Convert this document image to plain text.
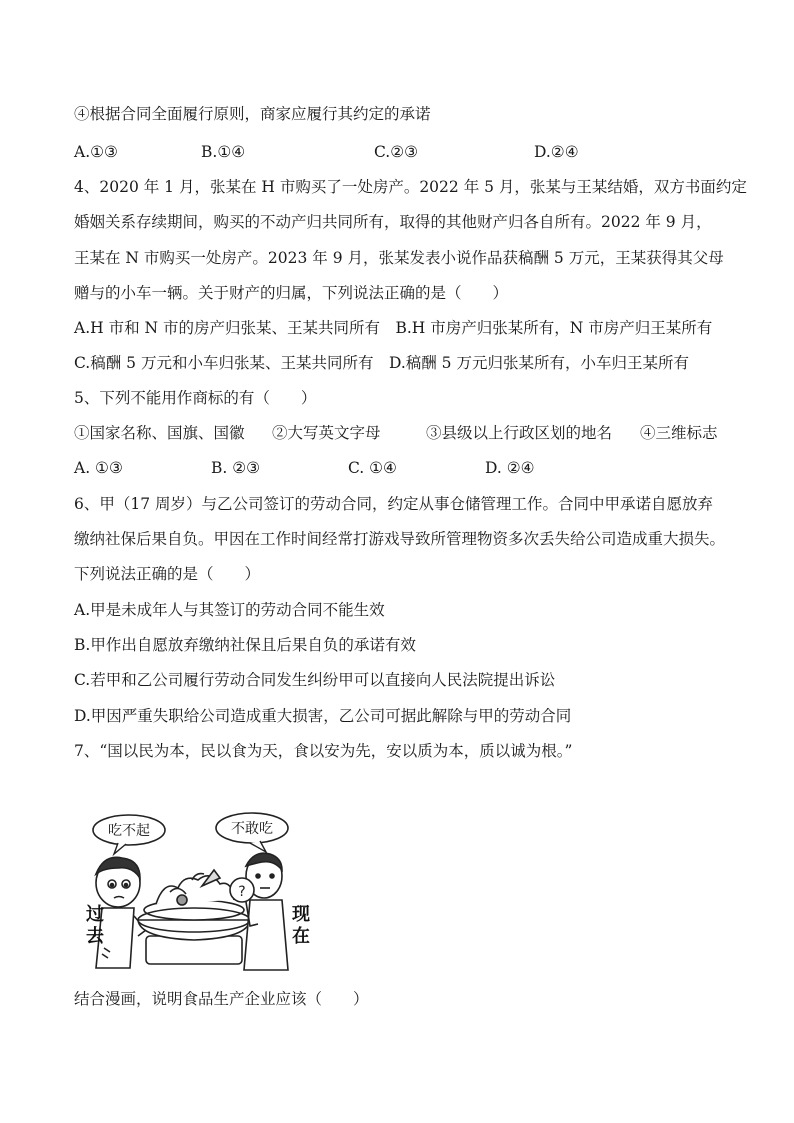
④根据合同全面履行原则，商家应履行其约定的承诺
A.①③	B.①④	C.②③	D.②④
4、2020 年 1 月，张某在 H 市购买了一处房产。2022 年 5 月，张某与王某结婚，双方书面约定
婚姻关系存续期间，购买的不动产归共同所有，取得的其他财产归各自所有。2022 年 9 月，
王某在 N 市购买一处房产。2023 年 9 月，张某发表小说作品获稿酬 5 万元，王某获得其父母
赠与的小车一辆。关于财产的归属，下列说法正确的是（　　）
A.H 市和 N 市的房产归张某、王某共同所有　B.H 市房产归张某所有，N 市房产归王某所有
C.稿酬 5 万元和小车归张某、王某共同所有　D.稿酬 5 万元归张某所有，小车归王某所有
5、下列不能用作商标的有（　　）
①国家名称、国旗、国徽 ②大写英文字母	③县级以上行政区划的地名 ④三维标志
A. ①③	B. ②③	C. ①④	D. ②④
6、甲（17 周岁）与乙公司签订的劳动合同，约定从事仓储管理工作。合同中甲承诺自愿放弃
缴纳社保后果自负。甲因在工作时间经常打游戏导致所管理物资多次丢失给公司造成重大损失。
下列说法正确的是（　　）
A.甲是未成年人与其签订的劳动合同不能生效
B.甲作出自愿放弃缴纳社保且后果自负的承诺有效
C.若甲和乙公司履行劳动合同发生纠纷甲可以直接向人民法院提出诉讼
D.甲因严重失职给公司造成重大损害，乙公司可据此解除与甲的劳动合同
7、“国以民为本，民以食为天，食以安为先，安以质为本，质以诚为根。”
吃不起	不敢吃
?
过
去
现
在
结合漫画，说明食品生产企业应该（　　）
